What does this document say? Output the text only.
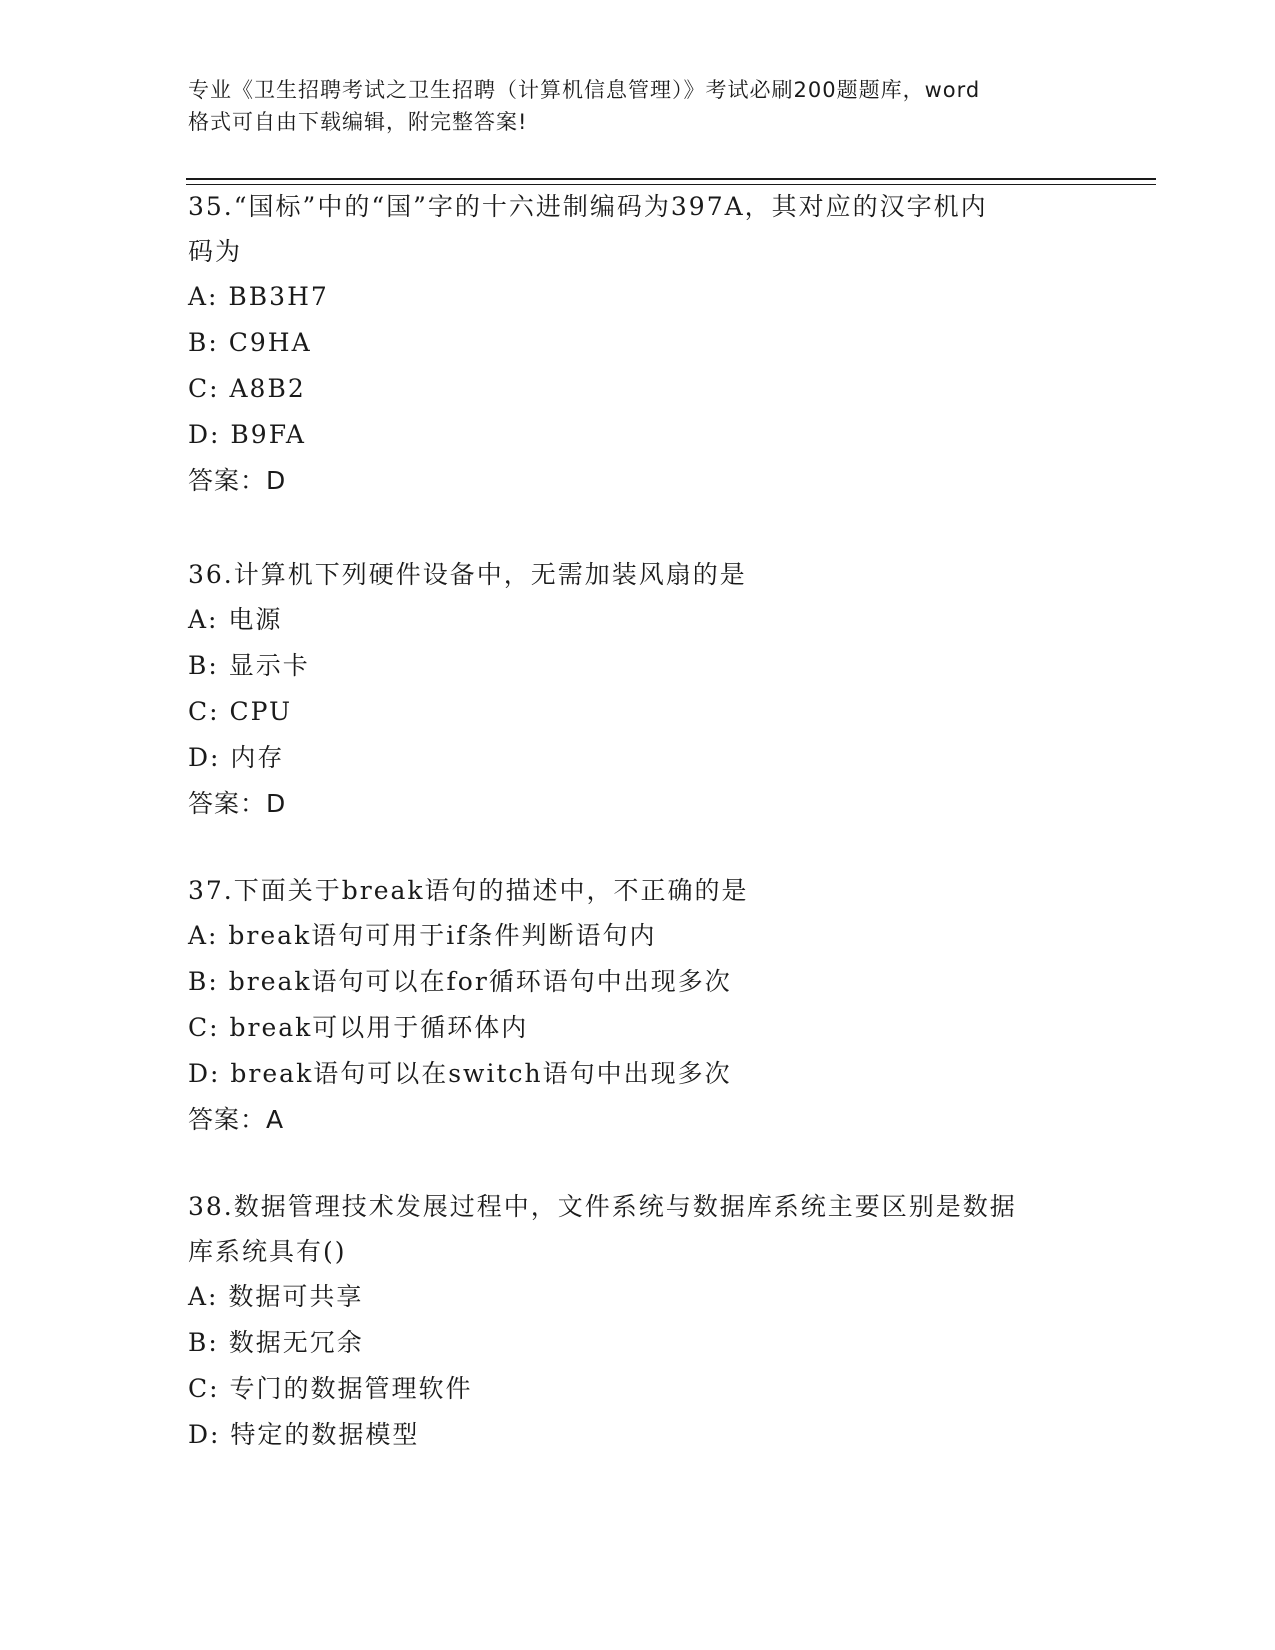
专业《卫生招聘考试之卫生招聘（计算机信息管理）》考试必刷200题题库，word
格式可自由下载编辑，附完整答案!

35.“国标”中的“国”字的十六进制编码为397A，其对应的汉字机内

码为

A: BB3H7

B: C9HA

C: A8B2

D: B9FA

答案：D

36.计算机下列硬件设备中，无需加装风扇的是

A: 电源

B: 显示卡

C: CPU

D: 内存

答案：D

37.下面关于break语句的描述中，不正确的是

A: break语句可用于if条件判断语句内

B: break语句可以在for循环语句中出现多次

C: break可以用于循环体内

D: break语句可以在switch语句中出现多次

答案：A

38.数据管理技术发展过程中，文件系统与数据库系统主要区别是数据

库系统具有()

A: 数据可共享

B: 数据无冗余

C: 专门的数据管理软件

D: 特定的数据模型
